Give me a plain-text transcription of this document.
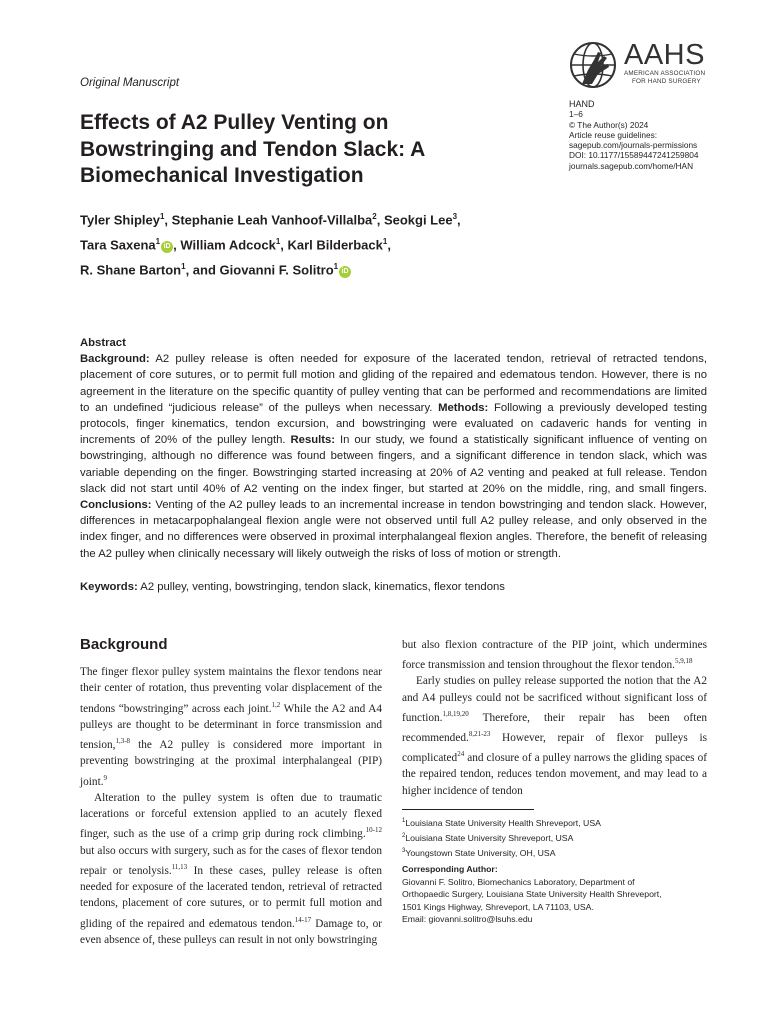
Original Manuscript
AAHS
AMERICAN ASSOCIATION
FOR HAND SURGERY
HAND
1–6
© The Author(s) 2024
Article reuse guidelines:
sagepub.com/journals-permissions
DOI: 10.1177/15589447241259804
journals.sagepub.com/home/HAN
Effects of A2 Pulley Venting on Bowstringing and Tendon Slack: A Biomechanical Investigation
Tyler Shipley$^1$, Stephanie Leah Vanhoof-Villalba$^2$, Seokgi Lee$^3$,
Tara Saxena$^1$iD , William Adcock$^1$, Karl Bilderback$^1$,
R. Shane Barton$^1$, and Giovanni F. Solitro$^1$iD
Abstract

Background: A2 pulley release is often needed for exposure of the lacerated tendon, retrieval of retracted tendons, placement of core sutures, or to permit full motion and gliding of the repaired and edematous tendon. However, there is no agreement in the literature on the specific quantity of pulley venting that can be performed and recommendations are limited to an undefined “judicious release” of the pulleys when necessary. Methods: Following a previously developed testing protocols, finger kinematics, tendon excursion, and bowstringing were evaluated on cadaveric hands for venting in increments of 20% of the pulley length. Results: In our study, we found a statistically significant influence of venting on bowstringing, although no difference was found between fingers, and a significant difference in tendon slack, which was variable depending on the finger. Bowstringing started increasing at 20% of A2 venting and peaked at full release. Tendon slack did not start until 40% of A2 venting on the index finger, but started at 20% on the middle, ring, and small fingers. Conclusions: Venting of the A2 pulley leads to an incremental increase in tendon bowstringing and tendon slack. However, differences in metacarpophalangeal flexion angle were not observed until full A2 pulley release, and only observed in the index finger, and no differences were observed in proximal interphalangeal flexion angles. Therefore, the benefit of releasing the A2 pulley when clinically necessary will likely outweigh the risks of loss of motion or strength.

Keywords: A2 pulley, venting, bowstringing, tendon slack, kinematics, flexor tendons
Background

The finger flexor pulley system maintains the flexor tendons near their center of rotation, thus preventing volar displacement of the tendons “bowstringing” across each joint.$^{1,2}$ While the A2 and A4 pulleys are thought to be determinant in force transmission and tension,$^{1,3-8}$ the A2 pulley is considered more important in preventing bowstringing at the proximal interphalangeal (PIP) joint.$^9$

Alteration to the pulley system is often due to traumatic lacerations or forceful extension applied to an acutely flexed finger, such as the use of a crimp grip during rock climbing.$^{10-12}$ but also occurs with surgery, such as for the cases of flexor tendon repair or tenolysis.$^{11,13}$ In these cases, pulley release is often needed for exposure of the lacerated tendon, retrieval of retracted tendons, placement of core sutures, or to permit full motion and gliding of the repaired and edematous tendon.$^{14-17}$ Damage to, or even absence of, these pulleys can result in not only bowstringing

but also flexion contracture of the PIP joint, which undermines force transmission and tension throughout the flexor tendon.$^{5,9,18}$

Early studies on pulley release supported the notion that the A2 and A4 pulleys could not be sacrificed without significant loss of function.$^{1,8,19,20}$ Therefore, their repair has been often recommended.$^{8,21-23}$ However, repair of flexor pulleys is complicated$^{24}$ and closure of a pulley narrows the gliding spaces of the repaired tendon, reduces tendon movement, and may lead to a higher incidence of tendon

$^1$Louisiana State University Health Shreveport, USA
$^2$Louisiana State University Shreveport, USA
$^3$Youngstown State University, OH, USA
Corresponding Author:
Giovanni F. Solitro, Biomechanics Laboratory, Department of
Orthopaedic Surgery, Louisiana State University Health Shreveport,
1501 Kings Highway, Shreveport, LA 71103, USA.
Email: giovanni.solitro@lsuhs.edu
